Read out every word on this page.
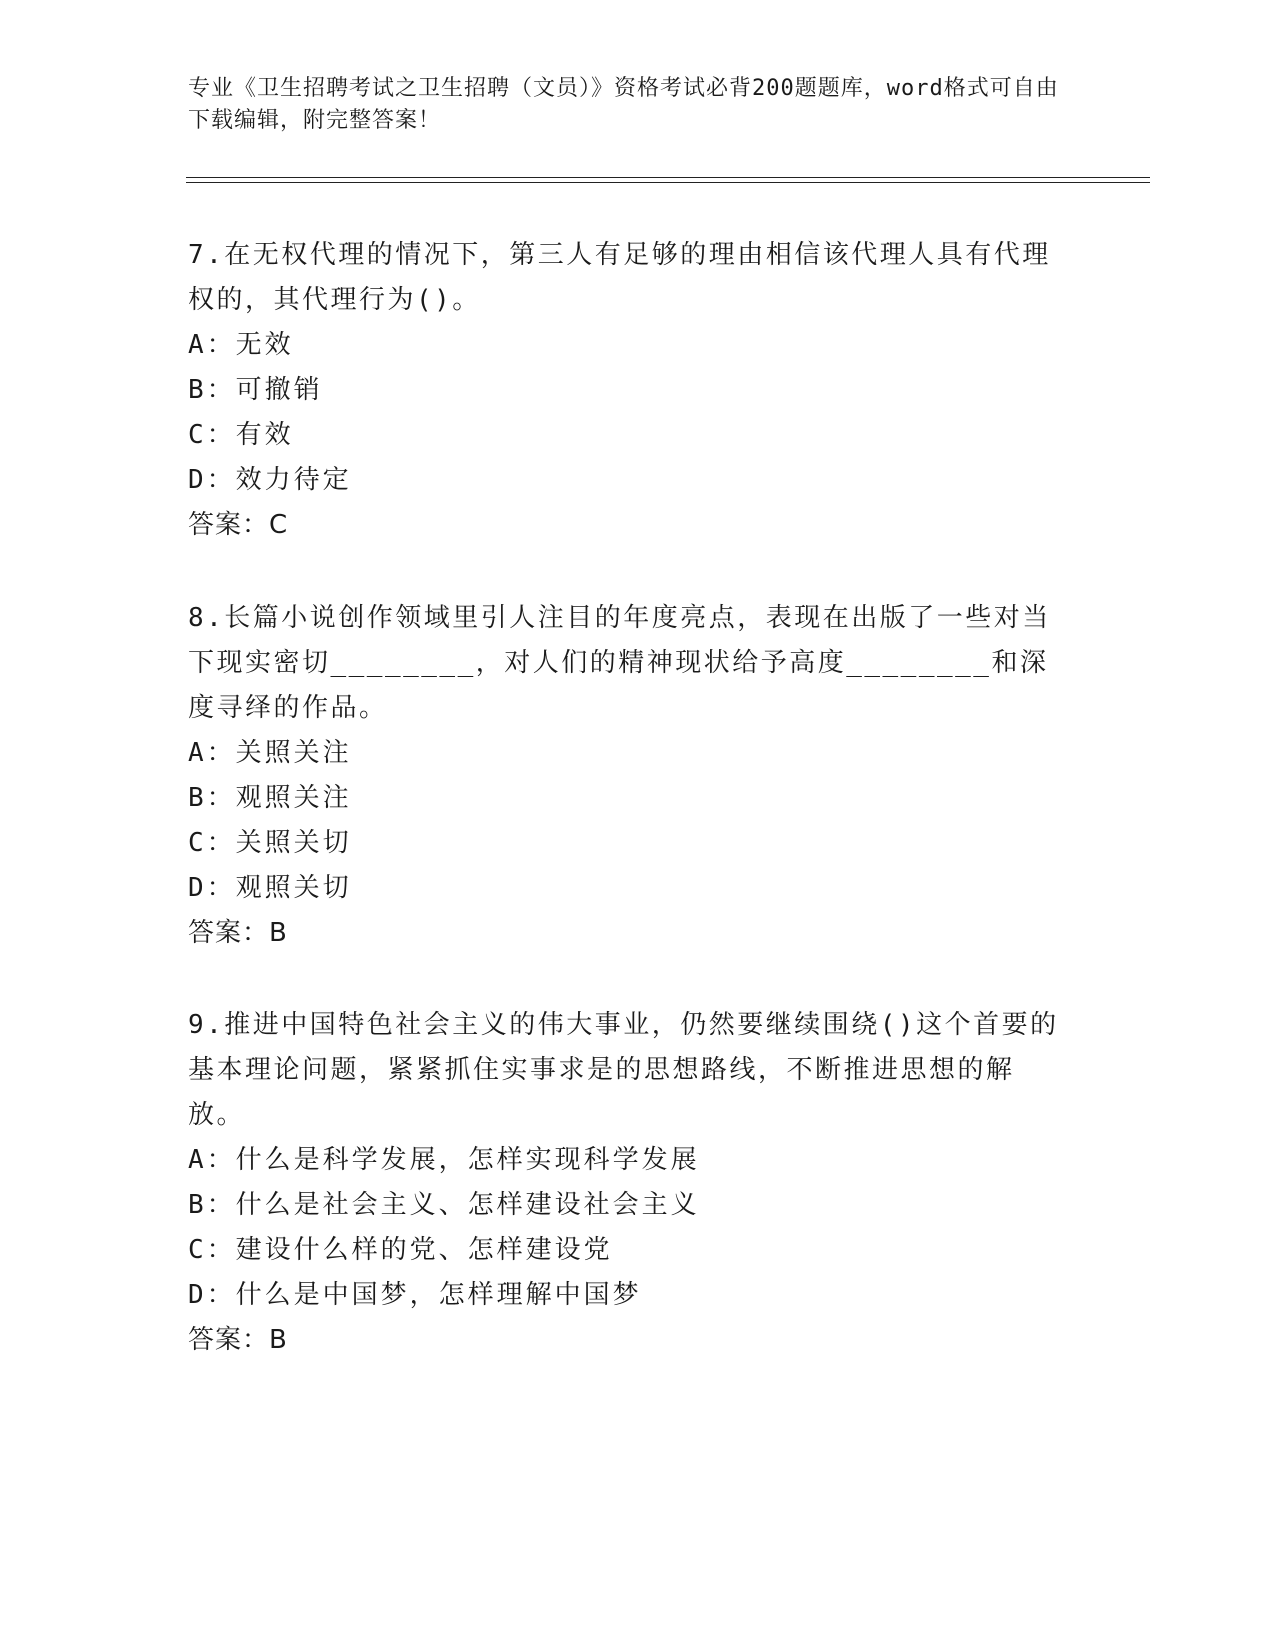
专业《卫生招聘考试之卫生招聘（文员）》资格考试必背200题题库，word格式可自由下载编辑，附完整答案！

7.在无权代理的情况下，第三人有足够的理由相信该代理人具有代理权的，其代理行为()。

A：无效

B：可撤销

C：有效

D：效力待定

答案：C

8.长篇小说创作领域里引人注目的年度亮点，表现在出版了一些对当下现实密切________，对人们的精神现状给予高度________和深度寻绎的作品。

A：关照关注

B：观照关注

C：关照关切

D：观照关切

答案：B

9.推进中国特色社会主义的伟大事业，仍然要继续围绕()这个首要的基本理论问题，紧紧抓住实事求是的思想路线，不断推进思想的解放。

A：什么是科学发展，怎样实现科学发展

B：什么是社会主义、怎样建设社会主义

C：建设什么样的党、怎样建设党

D：什么是中国梦，怎样理解中国梦

答案：B
